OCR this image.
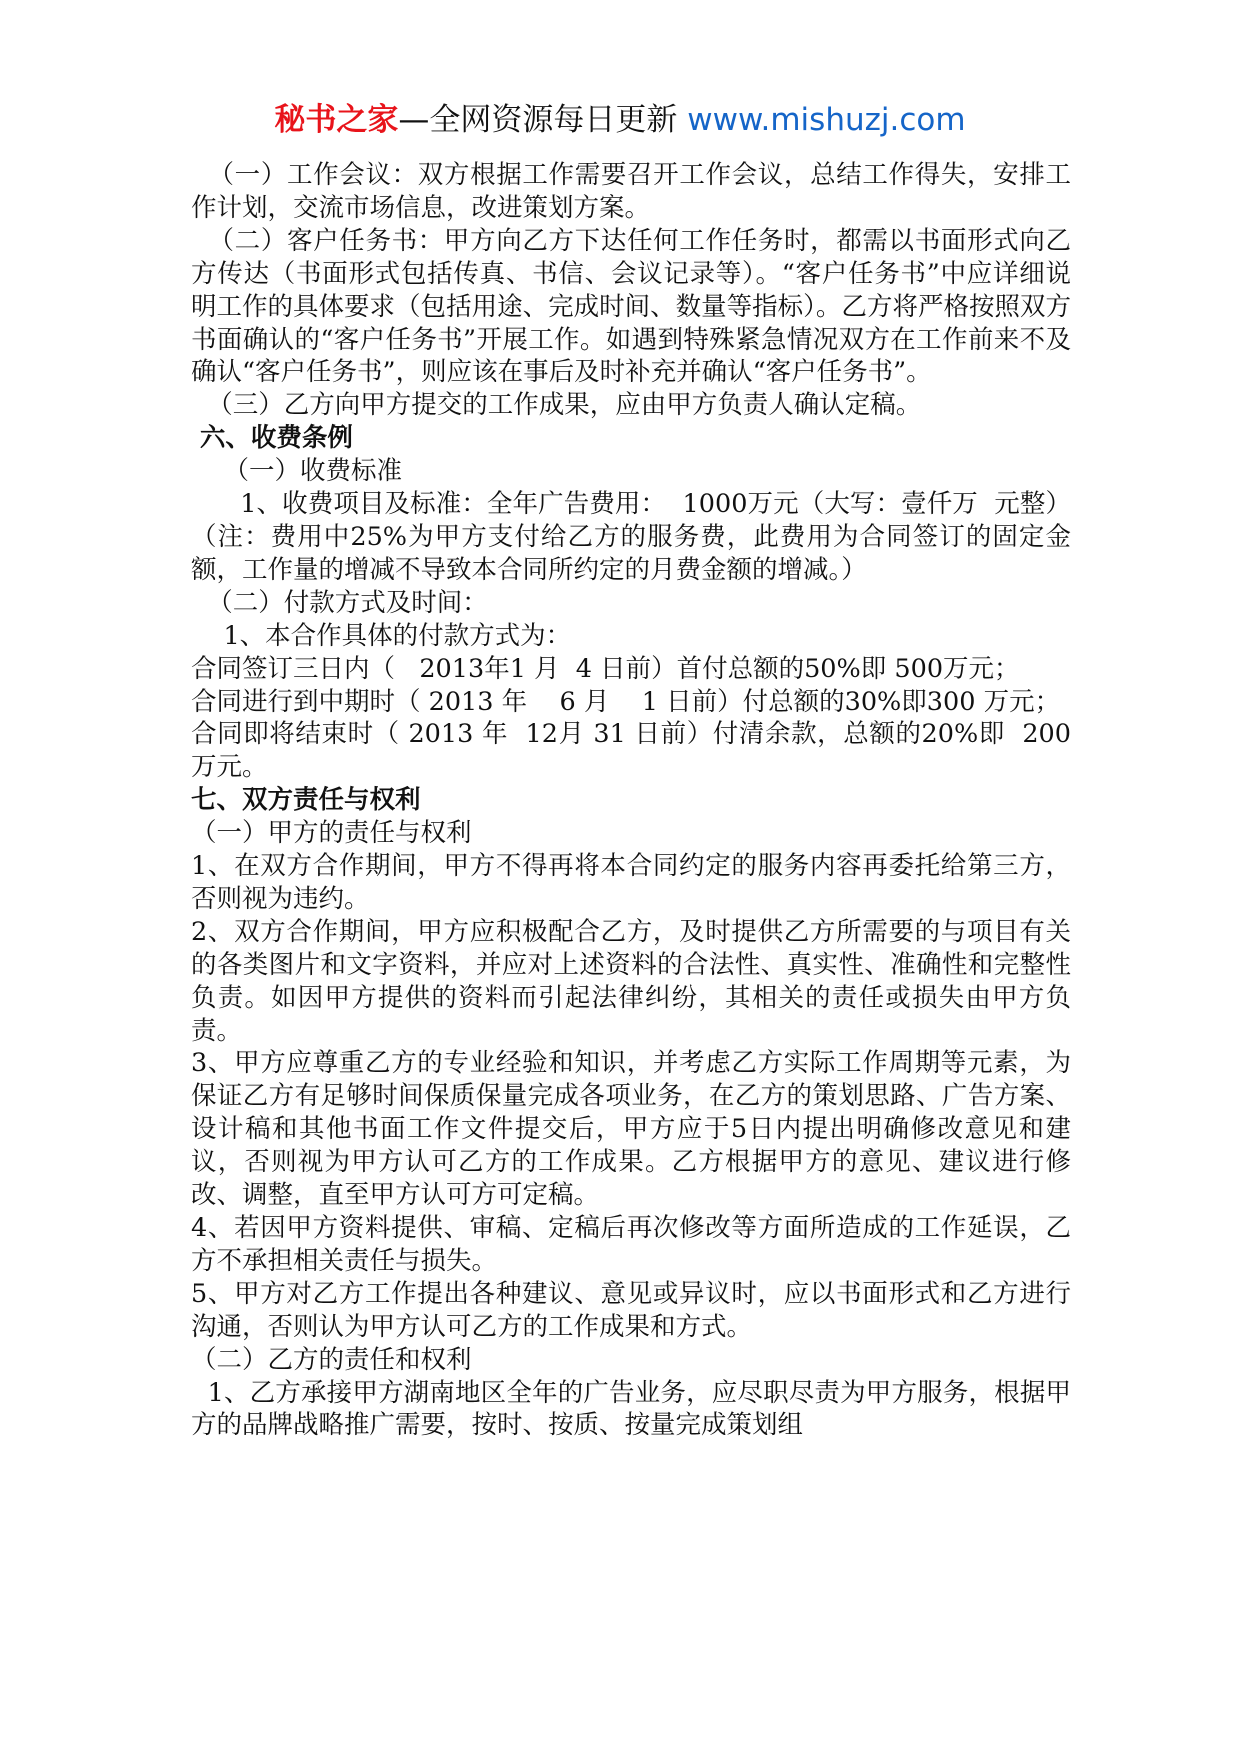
秘书之家—全网资源每日更新 www.mishuzj.com

（一）工作会议：双方根据工作需要召开工作会议，总结工作得失，安排工作计划，交流市场信息，改进策划方案。

（二）客户任务书：甲方向乙方下达任何工作任务时，都需以书面形式向乙方传达（书面形式包括传真、书信、会议记录等）。“客户任务书”中应详细说明工作的具体要求（包括用途、完成时间、数量等指标）。乙方将严格按照双方书面确认的“客户任务书”开展工作。如遇到特殊紧急情况双方在工作前来不及确认“客户任务书”，则应该在事后及时补充并确认“客户任务书”。

（三）乙方向甲方提交的工作成果，应由甲方负责人确认定稿。

六、收费条例

（一）收费标准

1、收费项目及标准：全年广告费用：  1000万元（大写：壹仟万  元整）（注：费用中25%为甲方支付给乙方的服务费，此费用为合同签订的固定金额，工作量的增减不导致本合同所约定的月费金额的增减。）

（二）付款方式及时间：

1、本合作具体的付款方式为：

合同签订三日内（   2013年1 月  4 日前）首付总额的50%即 500万元；

合同进行到中期时（ 2013 年    6 月    1 日前）付总额的30%即300 万元；

合同即将结束时（ 2013 年  12月 31 日前）付清余款，总额的20%即  200万元。

七、双方责任与权利

（一）甲方的责任与权利

1、在双方合作期间，甲方不得再将本合同约定的服务内容再委托给第三方，否则视为违约。

2、双方合作期间，甲方应积极配合乙方，及时提供乙方所需要的与项目有关的各类图片和文字资料，并应对上述资料的合法性、真实性、准确性和完整性负责。如因甲方提供的资料而引起法律纠纷，其相关的责任或损失由甲方负责。

3、甲方应尊重乙方的专业经验和知识，并考虑乙方实际工作周期等元素，为保证乙方有足够时间保质保量完成各项业务，在乙方的策划思路、广告方案、设计稿和其他书面工作文件提交后，甲方应于5日内提出明确修改意见和建议，否则视为甲方认可乙方的工作成果。乙方根据甲方的意见、建议进行修改、调整，直至甲方认可方可定稿。

4、若因甲方资料提供、审稿、定稿后再次修改等方面所造成的工作延误，乙方不承担相关责任与损失。

5、甲方对乙方工作提出各种建议、意见或异议时，应以书面形式和乙方进行沟通，否则认为甲方认可乙方的工作成果和方式。

（二）乙方的责任和权利

1、乙方承接甲方湖南地区全年的广告业务，应尽职尽责为甲方服务，根据甲方的品牌战略推广需要，按时、按质、按量完成策划组
